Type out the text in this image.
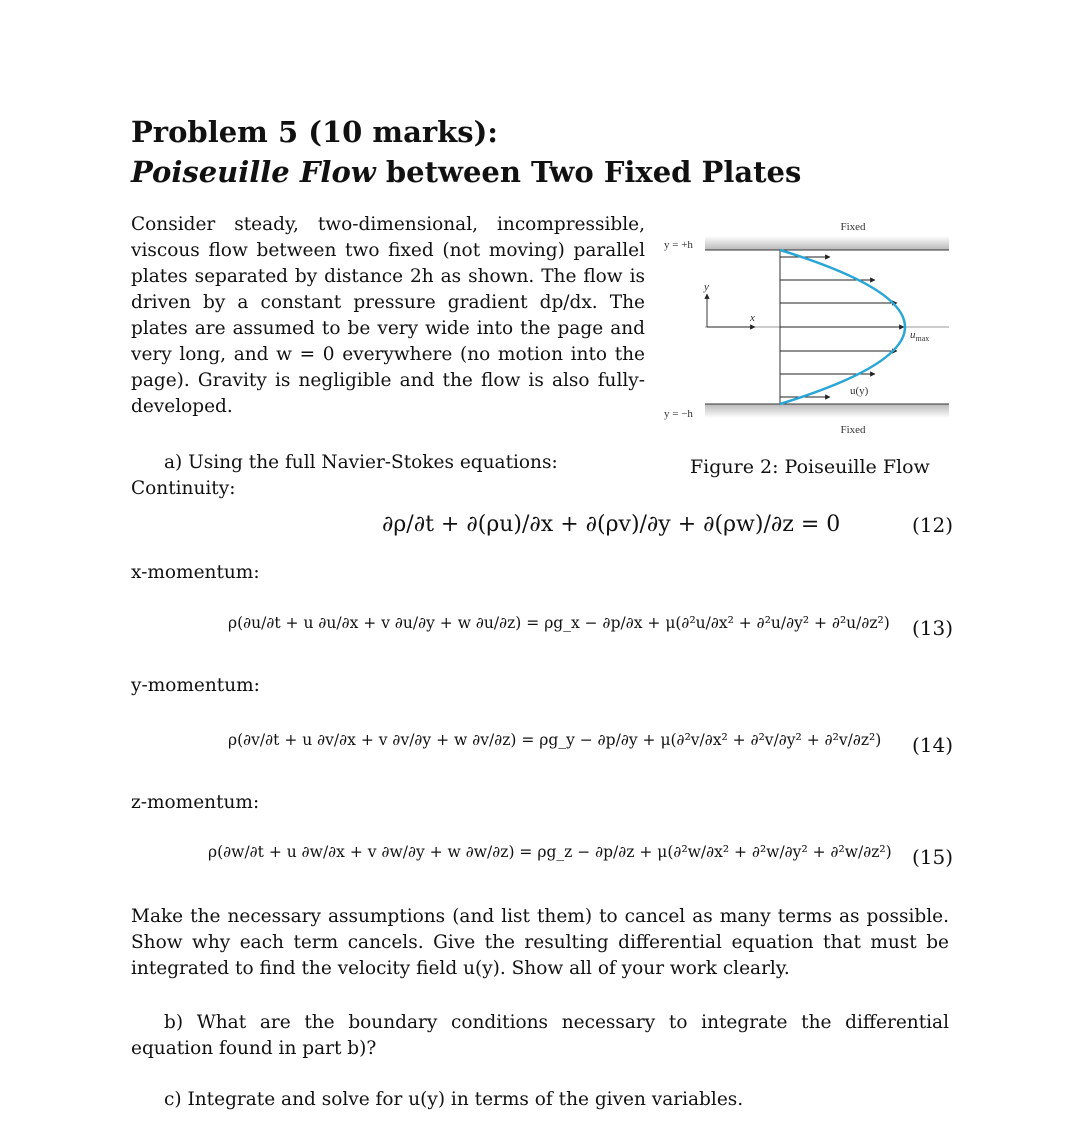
Problem 5 (10 marks):
Poiseuille Flow between Two Fixed Plates
Consider steady, two-dimensional, incompressible, viscous flow between two fixed (not moving) parallel plates separated by distance 2h as shown. The flow is driven by a constant pressure gradient dp/dx. The plates are assumed to be very wide into the page and very long, and w = 0 everywhere (no motion into the page). Gravity is negligible and the flow is also fully-developed.
Fixed
Fixed
y = +h
y = −h
y
x
$u_{max}$
u(y)
Figure 2: Poiseuille Flow
a) Using the full Navier-Stokes equations:
Continuity:
∂ρ/∂t + ∂(ρu)/∂x + ∂(ρv)/∂y + ∂(ρw)/∂z = 0	(12)
x-momentum:
ρ(∂u/∂t + u ∂u/∂x + v ∂u/∂y + w ∂u/∂z) = ρg_x − ∂p/∂x + μ(∂²u/∂x² + ∂²u/∂y² + ∂²u/∂z²) (13)
y-momentum:
ρ(∂v/∂t + u ∂v/∂x + v ∂v/∂y + w ∂v/∂z) = ρg_y − ∂p/∂y + μ(∂²v/∂x² + ∂²v/∂y² + ∂²v/∂z²) (14)
z-momentum:
ρ(∂w/∂t + u ∂w/∂x + v ∂w/∂y + w ∂w/∂z) = ρg_z − ∂p/∂z + μ(∂²w/∂x² + ∂²w/∂y² + ∂²w/∂z²) (15)
Make the necessary assumptions (and list them) to cancel as many terms as possible. Show why each term cancels. Give the resulting differential equation that must be integrated to find the velocity field u(y). Show all of your work clearly.
b) What are the boundary conditions necessary to integrate the differential equation found in part b)?
c) Integrate and solve for u(y) in terms of the given variables.
